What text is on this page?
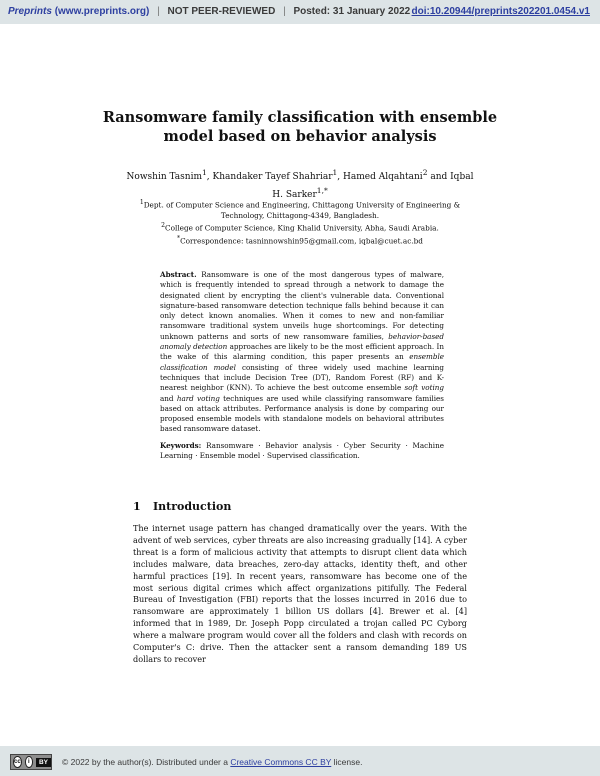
Preprints (www.preprints.org) | NOT PEER-REVIEWED | Posted: 31 January 2022 doi:10.20944/preprints202201.0454.v1
Ransomware family classification with ensemble
model based on behavior analysis
Nowshin Tasnim$^1$, Khandaker Tayef Shahriar$^1$, Hamed Alqahtani$^2$ and Iqbal H. Sarker$^{1,*}$

$^1$Dept. of Computer Science and Engineering, Chittagong University of Engineering & Technology, Chittagong-4349, Bangladesh.

$^2$College of Computer Science, King Khalid University, Abha, Saudi Arabia.

*Correspondence: tasninnowshin95@gmail.com, iqbal@cuet.ac.bd

Abstract. Ransomware is one of the most dangerous types of malware, which is frequently intended to spread through a network to damage the designated client by encrypting the client's vulnerable data. Conventional signature-based ransomware detection technique falls behind because it can only detect known anomalies. When it comes to new and non-familiar ransomware traditional system unveils huge shortcomings. For detecting unknown patterns and sorts of new ransomware families, behavior-based anomaly detection approaches are likely to be the most efficient approach. In the wake of this alarming condition, this paper presents an ensemble classification model consisting of three widely used machine learning techniques that include Decision Tree (DT), Random Forest (RF) and K-nearest neighbor (KNN). To achieve the best outcome ensemble soft voting and hard voting techniques are used while classifying ransomware families based on attack attributes. Performance analysis is done by comparing our proposed ensemble models with standalone models on behavioral attributes based ransomware dataset.

Keywords: Ransomware · Behavior analysis · Cyber Security · Machine Learning · Ensemble model · Supervised classification.

1 Introduction

The internet usage pattern has changed dramatically over the years. With the advent of web services, cyber threats are also increasing gradually [14]. A cyber threat is a form of malicious activity that attempts to disrupt client data which includes malware, data breaches, zero-day attacks, identity theft, and other harmful practices [19]. In recent years, ransomware has become one of the most serious digital crimes which affect organizations pitifully. The Federal Bureau of Investigation (FBI) reports that the losses incurred in 2016 due to ransomware are approximately 1 billion US dollars [4]. Brewer et al. [4] informed that in 1989, Dr. Joseph Popp circulated a trojan called PC Cyborg where a malware program would cover all the folders and clash with records on Computer's C: drive. Then the attacker sent a ransom demanding 189 US dollars to recover

cc	i	BY	© 2022 by the author(s). Distributed under a Creative Commons CC BY license.
